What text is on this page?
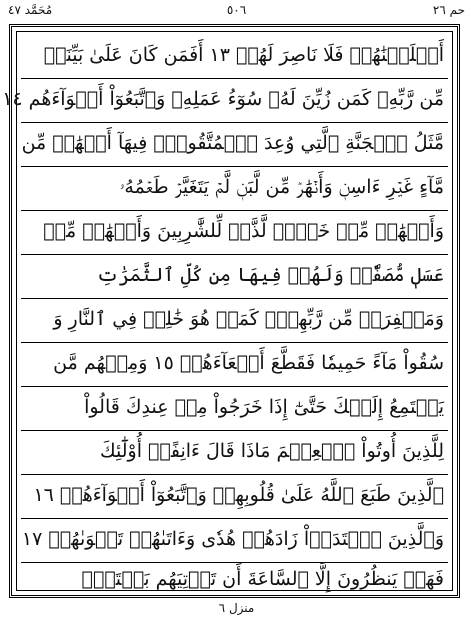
مُحَمَّد ٤٧	٥٠٦	حم ٢٦
أَهۡلَكۡنَٰهُمۡ فَلَا نَاصِرَ لَهُمۡ ١٣ أَفَمَن كَانَ عَلَىٰ بَيِّنَةٖ
مِّن رَّبِّهِۦ كَمَن زُيِّنَ لَهُۥ سُوٓءُ عَمَلِهِۦ وَٱتَّبَعُوٓاْ أَهۡوَآءَهُم ١٤
مَّثَلُ ٱلۡجَنَّةِ ٱلَّتِي وُعِدَ ٱلۡمُتَّقُونَۖ فِيهَآ أَنۡهَٰرٞ مِّن
مَّآءٍ غَيۡرِ ءَاسِنٖ وَأَنۡهَٰرٞ مِّن لَّبَنٖ لَّمۡ يَتَغَيَّرۡ طَعۡمُهُۥ
وَأَنۡهَٰرٞ مِّنۡ خَمۡرٖ لَّذَّةٖ لِّلشَّٰرِبِينَ وَأَنۡهَٰرٞ مِّنۡ
عَسَلٖ مُّصَفّٗىۖ وَلَهُمۡ فِيهَا مِن كُلِّ ٱلثَّمَرَٰتِ
وَمَغۡفِرَةٞ مِّن رَّبِّهِمۡۖ كَمَنۡ هُوَ خَٰلِدٞ فِي ٱلنَّارِ وَ
سُقُواْ مَآءً حَمِيمٗا فَقَطَّعَ أَمۡعَآءَهُمۡ ١٥ وَمِنۡهُم مَّن
يَسۡتَمِعُ إِلَيۡكَ حَتَّىٰٓ إِذَا خَرَجُواْ مِنۡ عِندِكَ قَالُواْ
لِلَّذِينَ أُوتُواْ ٱلۡعِلۡمَ مَاذَا قَالَ ءَانِفًاۚ أُوْلَٰٓئِكَ
ٱلَّذِينَ طَبَعَ ٱللَّهُ عَلَىٰ قُلُوبِهِمۡ وَٱتَّبَعُوٓاْ أَهۡوَآءَهُمۡ ١٦
وَٱلَّذِينَ ٱهۡتَدَوۡاْ زَادَهُمۡ هُدٗى وَءَاتَىٰهُمۡ تَقۡوَىٰهُمۡ ١٧
فَهَلۡ يَنظُرُونَ إِلَّا ٱلسَّاعَةَ أَن تَأۡتِيَهُم بَغۡتَةٗۖ
منزل ٦
